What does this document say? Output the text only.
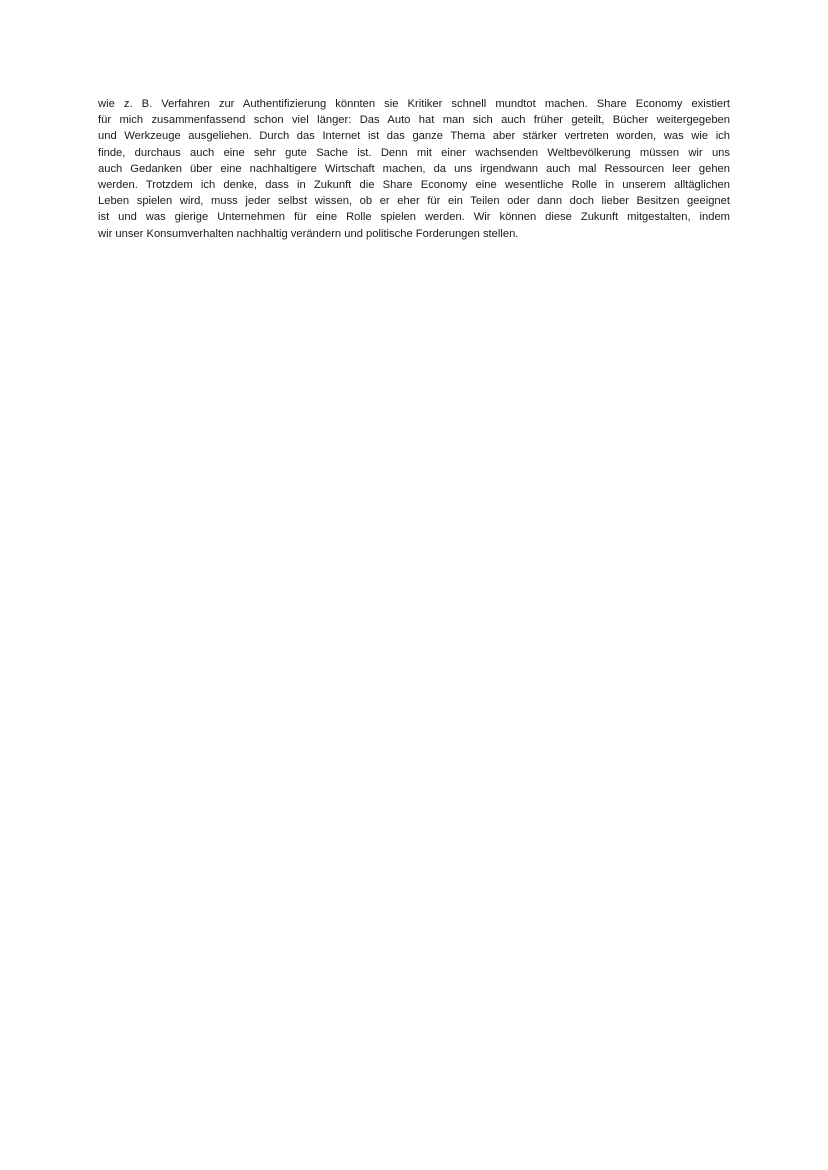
wie z. B. Verfahren zur Authentifizierung könnten sie Kritiker schnell mundtot machen. Share Economy existiert
für mich zusammenfassend schon viel länger: Das Auto hat man sich auch früher geteilt, Bücher weitergegeben
und Werkzeuge ausgeliehen. Durch das Internet ist das ganze Thema aber stärker vertreten worden, was wie ich
finde, durchaus auch eine sehr gute Sache ist. Denn mit einer wachsenden Weltbevölkerung müssen wir uns
auch Gedanken über eine nachhaltigere Wirtschaft machen, da uns irgendwann auch mal Ressourcen leer gehen
werden. Trotzdem ich denke, dass in Zukunft die Share Economy eine wesentliche Rolle in unserem alltäglichen
Leben spielen wird, muss jeder selbst wissen, ob er eher für ein Teilen oder dann doch lieber Besitzen geeignet
ist und was gierige Unternehmen für eine Rolle spielen werden. Wir können diese Zukunft mitgestalten, indem
wir unser Konsumverhalten nachhaltig verändern und politische Forderungen stellen.
